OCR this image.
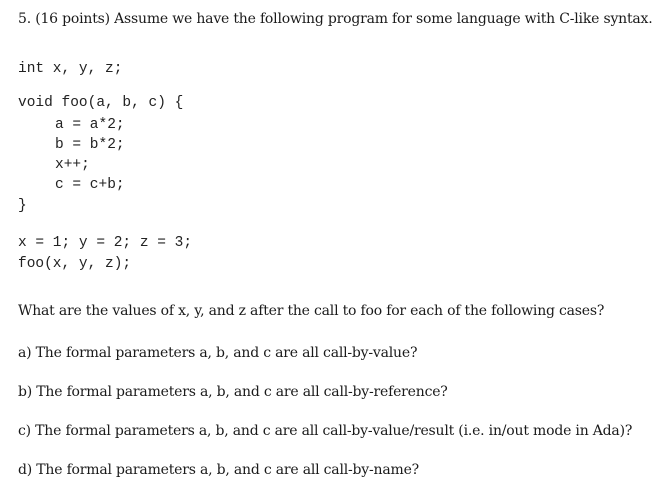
5. (16 points) Assume we have the following program for some language with C-like syntax.
int x, y, z;
void foo(a, b, c) {
a = a*2;
b = b*2;
x++;
c = c+b;
}
x = 1; y = 2; z = 3;
foo(x, y, z);
What are the values of x, y, and z after the call to foo for each of the following cases?
a) The formal parameters a, b, and c are all call-by-value?
b) The formal parameters a, b, and c are all call-by-reference?
c) The formal parameters a, b, and c are all call-by-value/result (i.e. in/out mode in Ada)?
d) The formal parameters a, b, and c are all call-by-name?
